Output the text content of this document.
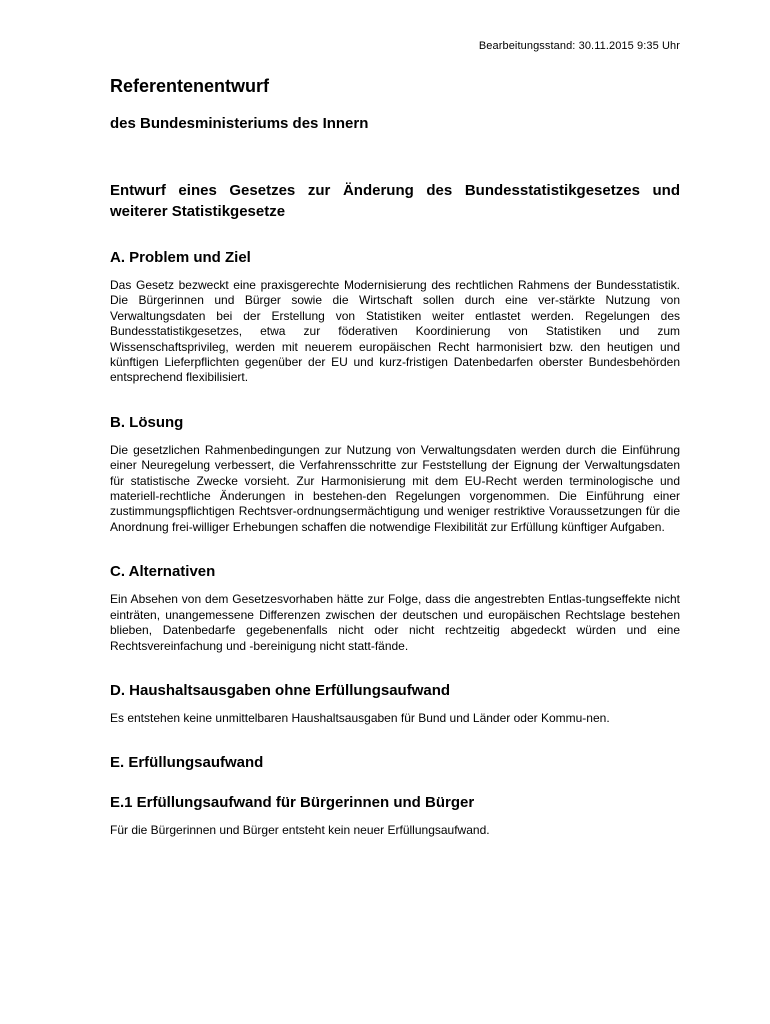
Bearbeitungsstand: 30.11.2015 9:35 Uhr
Referentenentwurf
des Bundesministeriums des Innern
Entwurf eines Gesetzes zur Änderung des Bundesstatistikgesetzes und weiterer Statistikgesetze
A. Problem und Ziel
Das Gesetz bezweckt eine praxisgerechte Modernisierung des rechtlichen Rahmens der Bundesstatistik. Die Bürgerinnen und Bürger sowie die Wirtschaft sollen durch eine ver-stärkte Nutzung von Verwaltungsdaten bei der Erstellung von Statistiken weiter entlastet werden. Regelungen des Bundesstatistikgesetzes, etwa zur föderativen Koordinierung von Statistiken und zum Wissenschaftsprivileg, werden mit neuerem europäischen Recht harmonisiert bzw. den heutigen und künftigen Lieferpflichten gegenüber der EU und kurz-fristigen Datenbedarfen oberster Bundesbehörden entsprechend flexibilisiert.
B. Lösung
Die gesetzlichen Rahmenbedingungen zur Nutzung von Verwaltungsdaten werden durch die Einführung einer Neuregelung verbessert, die Verfahrensschritte zur Feststellung der Eignung der Verwaltungsdaten für statistische Zwecke vorsieht. Zur Harmonisierung mit dem EU-Recht werden terminologische und materiell-rechtliche Änderungen in bestehen-den Regelungen vorgenommen. Die Einführung einer zustimmungspflichtigen Rechtsver-ordnungsermächtigung und weniger restriktive Voraussetzungen für die Anordnung frei-williger Erhebungen schaffen die notwendige Flexibilität zur Erfüllung künftiger Aufgaben.
C. Alternativen
Ein Absehen von dem Gesetzesvorhaben hätte zur Folge, dass die angestrebten Entlas-tungseffekte nicht einträten, unangemessene Differenzen zwischen der deutschen und europäischen Rechtslage bestehen blieben, Datenbedarfe gegebenenfalls nicht oder nicht rechtzeitig abgedeckt würden und eine Rechtsvereinfachung und -bereinigung nicht statt-fände.
D. Haushaltsausgaben ohne Erfüllungsaufwand
Es entstehen keine unmittelbaren Haushaltsausgaben für Bund und Länder oder Kommu-nen.
E. Erfüllungsaufwand
E.1 Erfüllungsaufwand für Bürgerinnen und Bürger
Für die Bürgerinnen und Bürger entsteht kein neuer Erfüllungsaufwand.
